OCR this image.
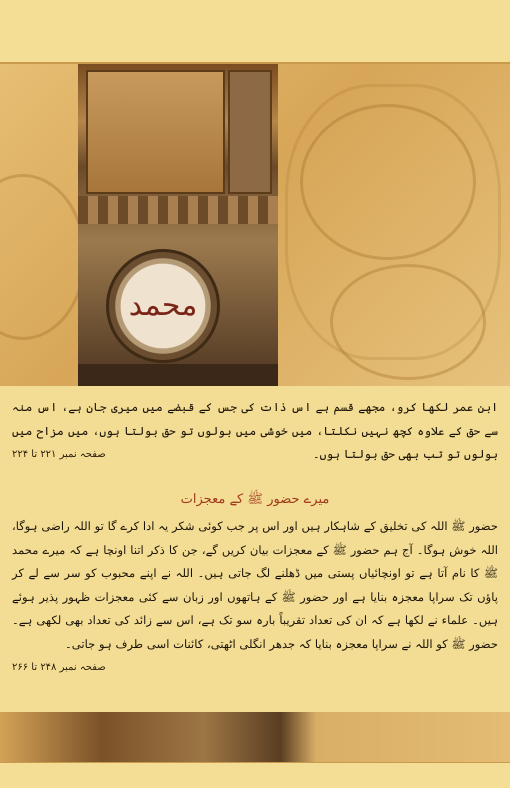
محمد
ابن عمر لکھا کرو، مجھے قسم ہے اس ذات کی جس کے قبضے میں میری جان ہے، اس منہ سے حق کے علاوہ کچھ نہیں نکلتا، میں خوشی میں بولوں تو حق بولتا ہوں، میں مزاح میں بولوں تو تب بھی حق بولتا ہوں۔
صفحہ نمبر ۲۲۱ تا ۲۲۴
میرے حضور ﷺ کے معجزات
حضور ﷺ اللہ کی تخلیق کے شاہکار ہیں اور اس پر جب کوئی شکر یہ ادا کرے گا تو اللہ راضی ہوگا، اللہ خوش ہوگا۔ آج ہم حضور ﷺ کے معجزات بیان کریں گے، جن کا ذکر اتنا اونچا ہے کہ میرے محمد ﷺ کا نام آتا ہے تو اونچائیاں پستی میں ڈھلنے لگ جاتی ہیں۔ اللہ نے اپنے محبوب کو سر سے لے کر پاؤں تک سراپا معجزہ بنایا ہے اور حضور ﷺ کے ہاتھوں اور زبان سے کئی معجزات ظہور پذیر ہوئے ہیں۔ علماء نے لکھا ہے کہ ان کی تعداد تقریباً بارہ سو تک ہے، اس سے زائد کی تعداد بھی لکھی ہے۔ حضور ﷺ کو اللہ نے سراپا معجزہ بنایا کہ جدھر انگلی اٹھتی، کائنات اسی طرف ہو جاتی۔
صفحہ نمبر ۲۴۸ تا ۲۶۶
